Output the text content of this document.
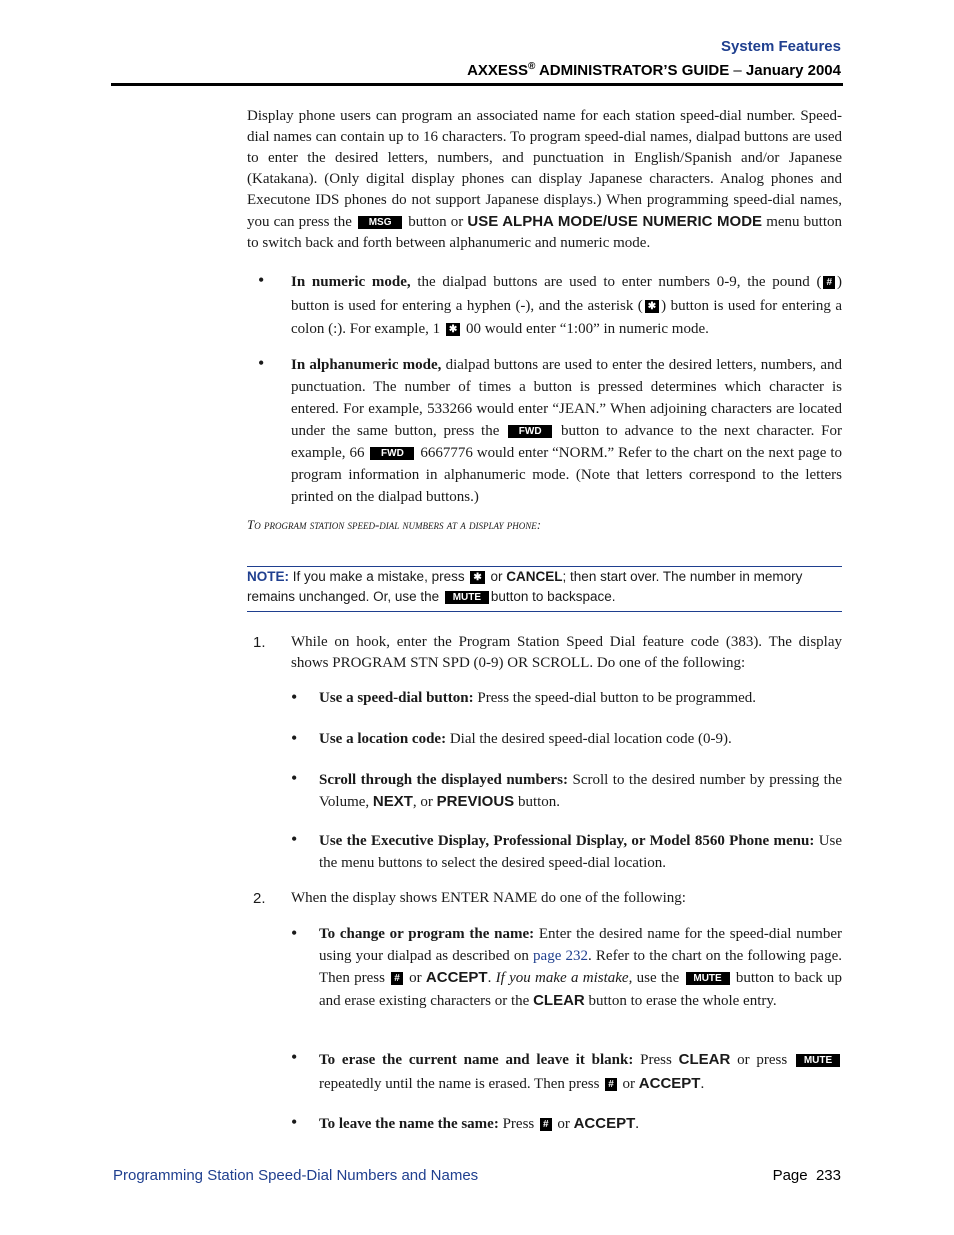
System Features
AXXESS® ADMINISTRATOR’S GUIDE – January 2004
Display phone users can program an associated name for each station speed-dial number. Speed-dial names can contain up to 16 characters. To program speed-dial names, dialpad buttons are used to enter the desired letters, numbers, and punctuation in English/Spanish and/or Japanese (Katakana). (Only digital display phones can display Japanese characters. Analog phones and Executone IDS phones do not support Japanese displays.) When programming speed-dial names, you can press the MSG button or USE ALPHA MODE/USE NUMERIC MODE menu button to switch back and forth between alphanumeric and numeric mode.
• In numeric mode, the dialpad buttons are used to enter numbers 0-9, the pound ( # ) button is used for entering a hyphen (-), and the asterisk ( ✱ ) button is used for entering a colon (:). For example, 1 ✱ 00 would enter “1:00” in numeric mode.
• In alphanumeric mode, dialpad buttons are used to enter the desired letters, numbers, and punctuation. The number of times a button is pressed determines which character is entered. For example, 533266 would enter “JEAN.” When adjoining characters are located under the same button, press the FWD button to advance to the next character. For example, 66 FWD 6667776 would enter “NORM.” Refer to the chart on the next page to program information in alphanumeric mode. (Note that letters correspond to the letters printed on the dialpad buttons.)
To program station speed-dial numbers at a display phone:
NOTE: If you make a mistake, press ✱ or CANCEL; then start over. The number in memory remains unchanged. Or, use the MUTE button to backspace.
1. While on hook, enter the Program Station Speed Dial feature code (383). The display shows PROGRAM STN SPD (0-9) OR SCROLL. Do one of the following:
• Use a speed-dial button: Press the speed-dial button to be programmed.
• Use a location code: Dial the desired speed-dial location code (0-9).
• Scroll through the displayed numbers: Scroll to the desired number by pressing the Volume, NEXT, or PREVIOUS button.
• Use the Executive Display, Professional Display, or Model 8560 Phone menu: Use the menu buttons to select the desired speed-dial location.
2. When the display shows ENTER NAME do one of the following:
• To change or program the name: Enter the desired name for the speed-dial number using your dialpad as described on page 232. Refer to the chart on the following page. Then press # or ACCEPT. If you make a mistake, use the MUTE button to back up and erase existing characters or the CLEAR button to erase the whole entry.
• To erase the current name and leave it blank: Press CLEAR or press MUTE repeatedly until the name is erased. Then press # or ACCEPT.
• To leave the name the same: Press # or ACCEPT.
Programming Station Speed-Dial Numbers and Names	Page 233
